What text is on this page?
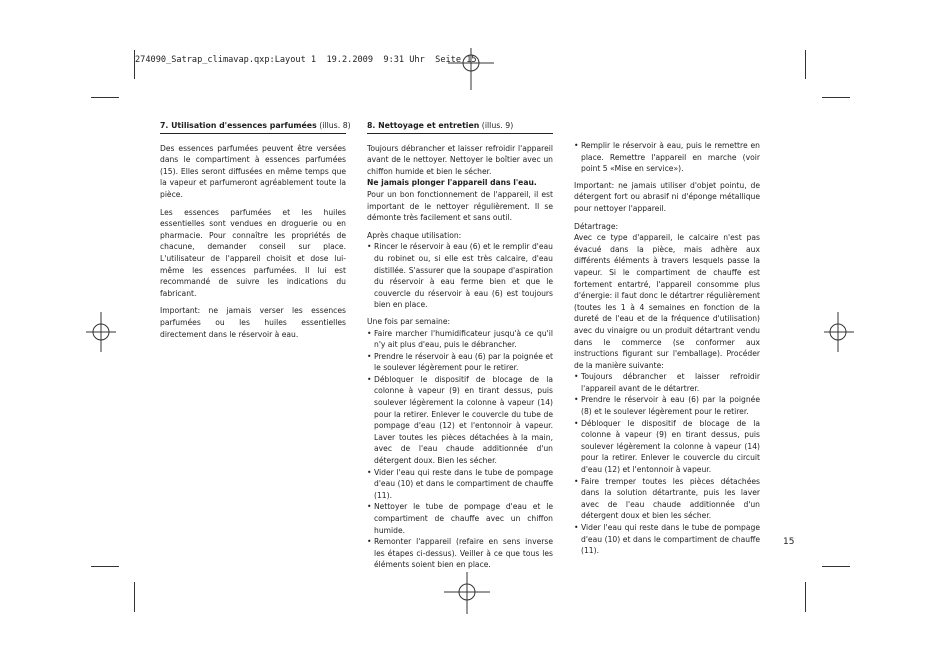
274090_Satrap_climavap.qxp:Layout 1 19.2.2009 9:31 Uhr Seite 15
7. Utilisation d'essences parfumées (illus. 8)

Des essences parfumées peuvent être versées dans le compartiment à essences parfumées (15). Elles seront diffusées en même temps que la vapeur et parfumeront agréablement toute la pièce.

Les essences parfumées et les huiles essentielles sont vendues en droguerie ou en pharmacie. Pour connaître les propriétés de chacune, demander conseil sur place. L'utilisateur de l'appareil choisit et dose lui-même les essences parfumées. Il lui est recommandé de suivre les indications du fabricant.

Important: ne jamais verser les essences parfumées ou les huiles essentielles directement dans le réservoir à eau.

8. Nettoyage et entretien (illus. 9)

Toujours débrancher et laisser refroidir l'appareil avant de le nettoyer. Nettoyer le boîtier avec un chiffon humide et bien le sécher.

Ne jamais plonger l'appareil dans l'eau.

Pour un bon fonctionnement de l'appareil, il est important de le nettoyer régulièrement. Il se démonte très facilement et sans outil.

Après chaque utilisation:

• Rincer le réservoir à eau (6) et le remplir d'eau du robinet ou, si elle est très calcaire, d'eau distillée. S'assurer que la soupape d'aspiration du réservoir à eau ferme bien et que le couvercle du réservoir à eau (6) est toujours bien en place.

Une fois par semaine:

• Faire marcher l'humidificateur jusqu'à ce qu'il n'y ait plus d'eau, puis le débrancher.
• Prendre le réservoir à eau (6) par la poignée et le soulever légèrement pour le retirer.
• Débloquer le dispositif de blocage de la colonne à vapeur (9) en tirant dessus, puis soulever légèrement la colonne à vapeur (14) pour la retirer. Enlever le couvercle du tube de pompage d'eau (12) et l'entonnoir à vapeur. Laver toutes les pièces détachées à la main, avec de l'eau chaude additionnée d'un détergent doux. Bien les sécher.
• Vider l'eau qui reste dans le tube de pompage d'eau (10) et dans le compartiment de chauffe (11).
• Nettoyer le tube de pompage d'eau et le compartiment de chauffe avec un chiffon humide.
• Remonter l'appareil (refaire en sens inverse les étapes ci-dessus). Veiller à ce que tous les éléments soient bien en place.
• Remplir le réservoir à eau, puis le remettre en place. Remettre l'appareil en marche (voir point 5 «Mise en service»).

Important: ne jamais utiliser d'objet pointu, de détergent fort ou abrasif ni d'éponge métallique pour nettoyer l'appareil.

Détartrage:

Avec ce type d'appareil, le calcaire n'est pas évacué dans la pièce, mais adhère aux différents éléments à travers lesquels passe la vapeur. Si le compartiment de chauffe est fortement entartré, l'appareil consomme plus d'énergie: il faut donc le détartrer régulièrement (toutes les 1 à 4 semaines en fonction de la dureté de l'eau et de la fréquence d'utilisation) avec du vinaigre ou un produit détartrant vendu dans le commerce (se conformer aux instructions figurant sur l'emballage). Procéder de la manière suivante:

• Toujours débrancher et laisser refroidir l'appareil avant de le détartrer.
• Prendre le réservoir à eau (6) par la poignée (8) et le soulever légèrement pour le retirer.
• Débloquer le dispositif de blocage de la colonne à vapeur (9) en tirant dessus, puis soulever légèrement la colonne à vapeur (14) pour la retirer. Enlever le couvercle du circuit d'eau (12) et l'entonnoir à vapeur.
• Faire tremper toutes les pièces détachées dans la solution détartrante, puis les laver avec de l'eau chaude additionnée d'un détergent doux et bien les sécher.
• Vider l'eau qui reste dans le tube de pompage d'eau (10) et dans le compartiment de chauffe (11).
15
